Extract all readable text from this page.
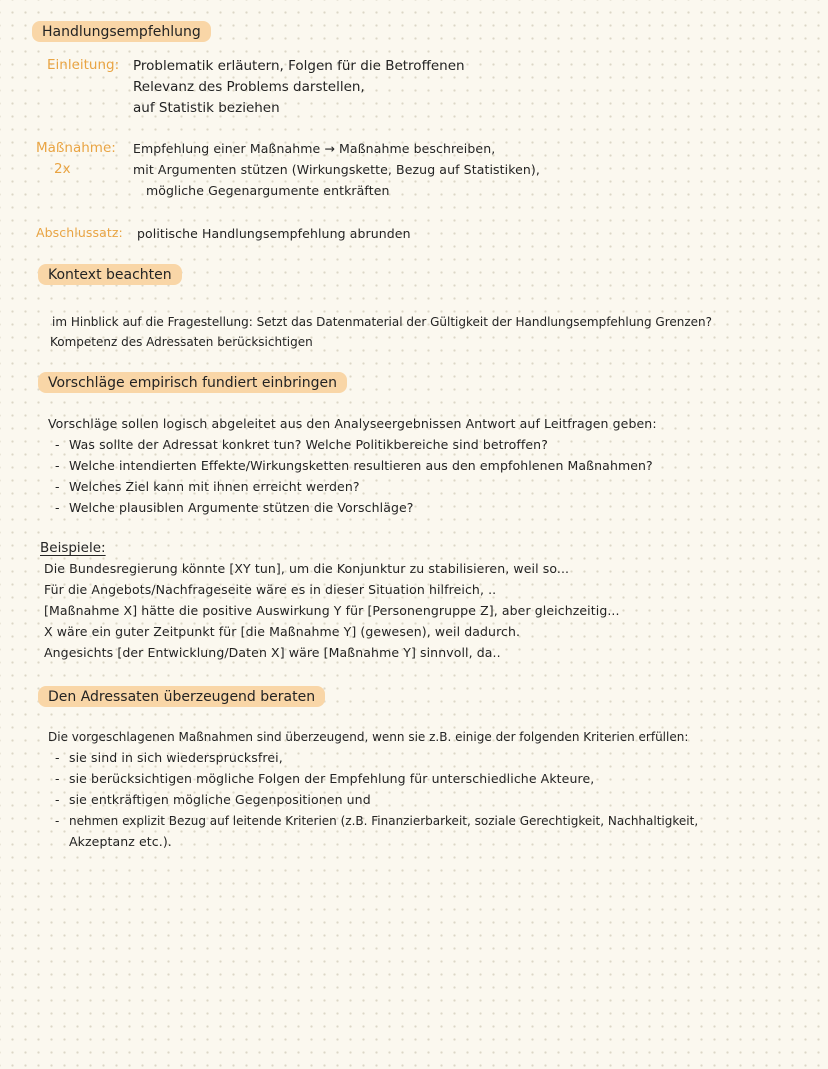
Handlungsempfehlung
Einleitung: Problematik erläutern, Folgen für die Betroffenen
Relevanz des Problems darstellen,
auf Statistik beziehen
Maßnahme:
2x
Empfehlung einer Maßnahme → Maßnahme beschreiben,
mit Argumenten stützen (Wirkungskette, Bezug auf Statistiken),
mögliche Gegenargumente entkräften
Abschlussatz: politische Handlungsempfehlung abrunden
Kontext beachten
im Hinblick auf die Fragestellung: Setzt das Datenmaterial der Gültigkeit der Handlungsempfehlung Grenzen?
Kompetenz des Adressaten berücksichtigen
Vorschläge empirisch fundiert einbringen
Vorschläge sollen logisch abgeleitet aus den Analyseergebnissen Antwort auf Leitfragen geben:
- Was sollte der Adressat konkret tun? Welche Politikbereiche sind betroffen?
- Welche intendierten Effekte/Wirkungsketten resultieren aus den empfohlenen Maßnahmen?
- Welches Ziel kann mit ihnen erreicht werden?
- Welche plausiblen Argumente stützen die Vorschläge?
Beispiele:
Die Bundesregierung könnte [XY tun], um die Konjunktur zu stabilisieren, weil so...
Für die Angebots/Nachfrageseite wäre es in dieser Situation hilfreich, ..
[Maßnahme X] hätte die positive Auswirkung Y für [Personengruppe Z], aber gleichzeitig...
X wäre ein guter Zeitpunkt für [die Maßnahme Y] (gewesen), weil dadurch.
Angesichts [der Entwicklung/Daten X] wäre [Maßnahme Y] sinnvoll, da..
Den Adressaten überzeugend beraten
Die vorgeschlagenen Maßnahmen sind überzeugend, wenn sie z.B. einige der folgenden Kriterien erfüllen:
- sie sind in sich wiedersprucksfrei,
- sie berücksichtigen mögliche Folgen der Empfehlung für unterschiedliche Akteure,
- sie entkräftigen mögliche Gegenpositionen und
- nehmen explizit Bezug auf leitende Kriterien (z.B. Finanzierbarkeit, soziale Gerechtigkeit, Nachhaltigkeit,
Akzeptanz etc.).
